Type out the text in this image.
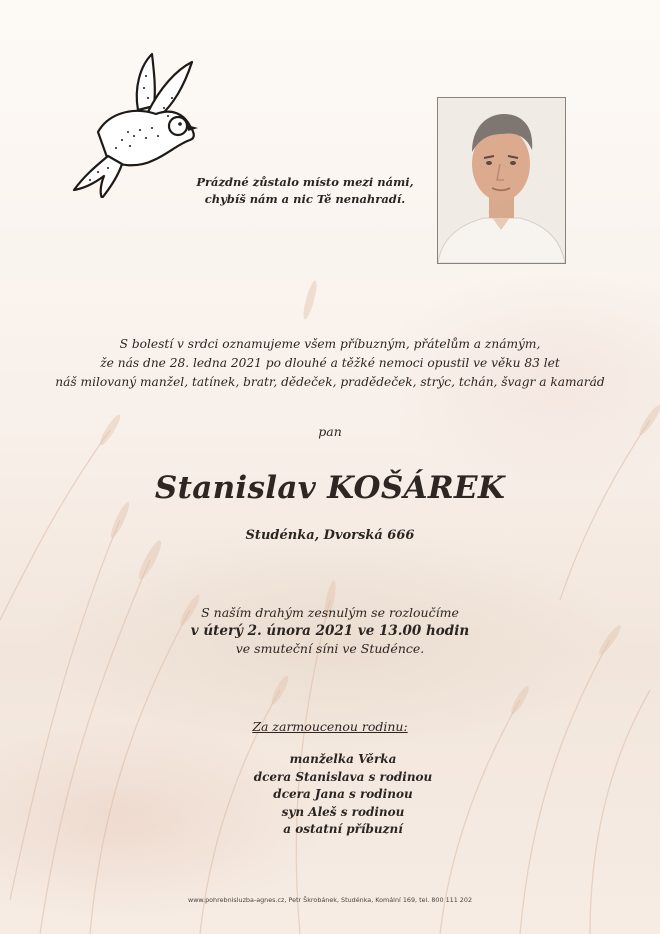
Prázdné zůstalo místo mezi námi,
chybíš nám a nic Tě nenahradí.
S bolestí v srdci oznamujeme všem příbuzným, přátelům a známým,
že nás dne 28. ledna 2021 po dlouhé a těžké nemoci opustil ve věku 83 let
náš milovaný manžel, tatínek, bratr, dědeček, pradědeček, strýc, tchán, švagr a kamarád
pan
Stanislav KOŠÁREK
Studénka, Dvorská 666
S naším drahým zesnulým se rozloučíme
v úterý 2. února 2021 ve 13.00 hodin
ve smuteční síni ve Studénce.
Za zarmoucenou rodinu:
manželka Věrka
dcera Stanislava s rodinou
dcera Jana s rodinou
syn Aleš s rodinou
a ostatní příbuzní
www.pohrebnisluzba-agnes.cz, Petr Škrobánek, Studénka, Komální 169, tel. 800 111 202
